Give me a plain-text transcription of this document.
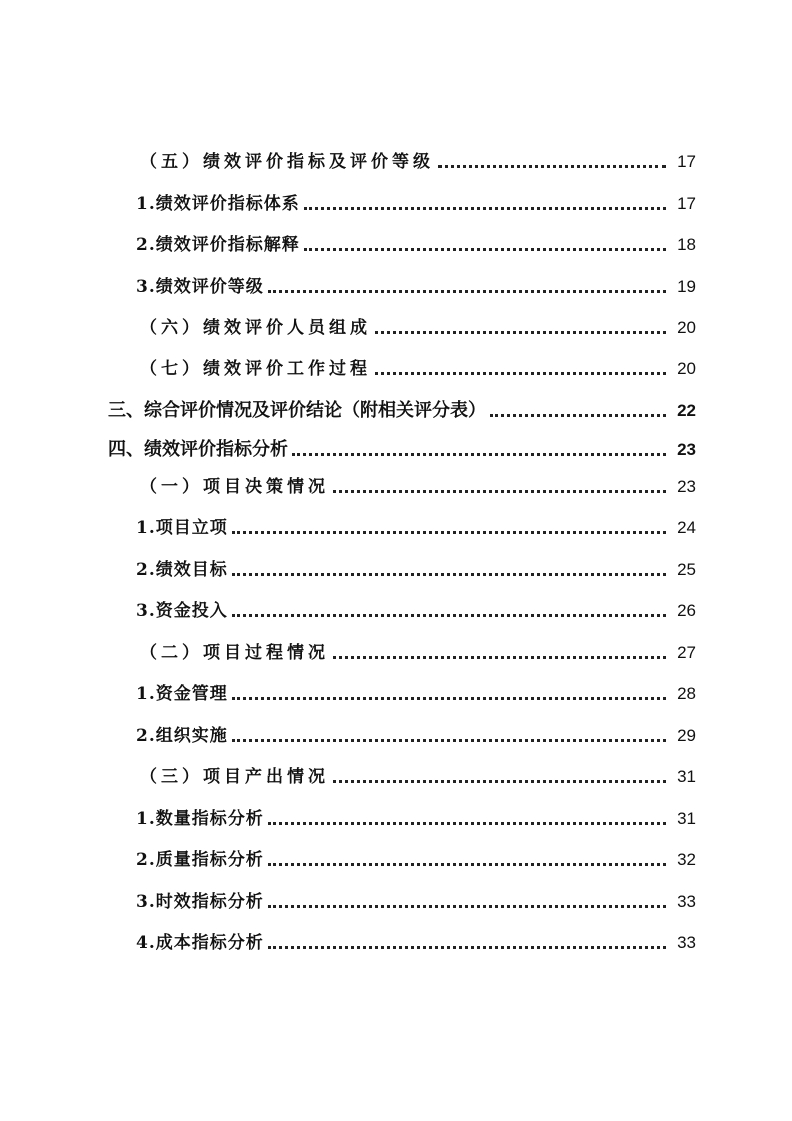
（五）绩效评价指标及评价等级	17
1.绩效评价指标体系	17
2.绩效评价指标解释	18
3.绩效评价等级	19
（六）绩效评价人员组成	20
（七）绩效评价工作过程	20
三、综合评价情况及评价结论（附相关评分表）	22
四、绩效评价指标分析	23
（一）项目决策情况	23
1.项目立项	24
2.绩效目标	25
3.资金投入	26
（二）项目过程情况	27
1.资金管理	28
2.组织实施	29
（三）项目产出情况	31
1.数量指标分析	31
2.质量指标分析	32
3.时效指标分析	33
4.成本指标分析	33
